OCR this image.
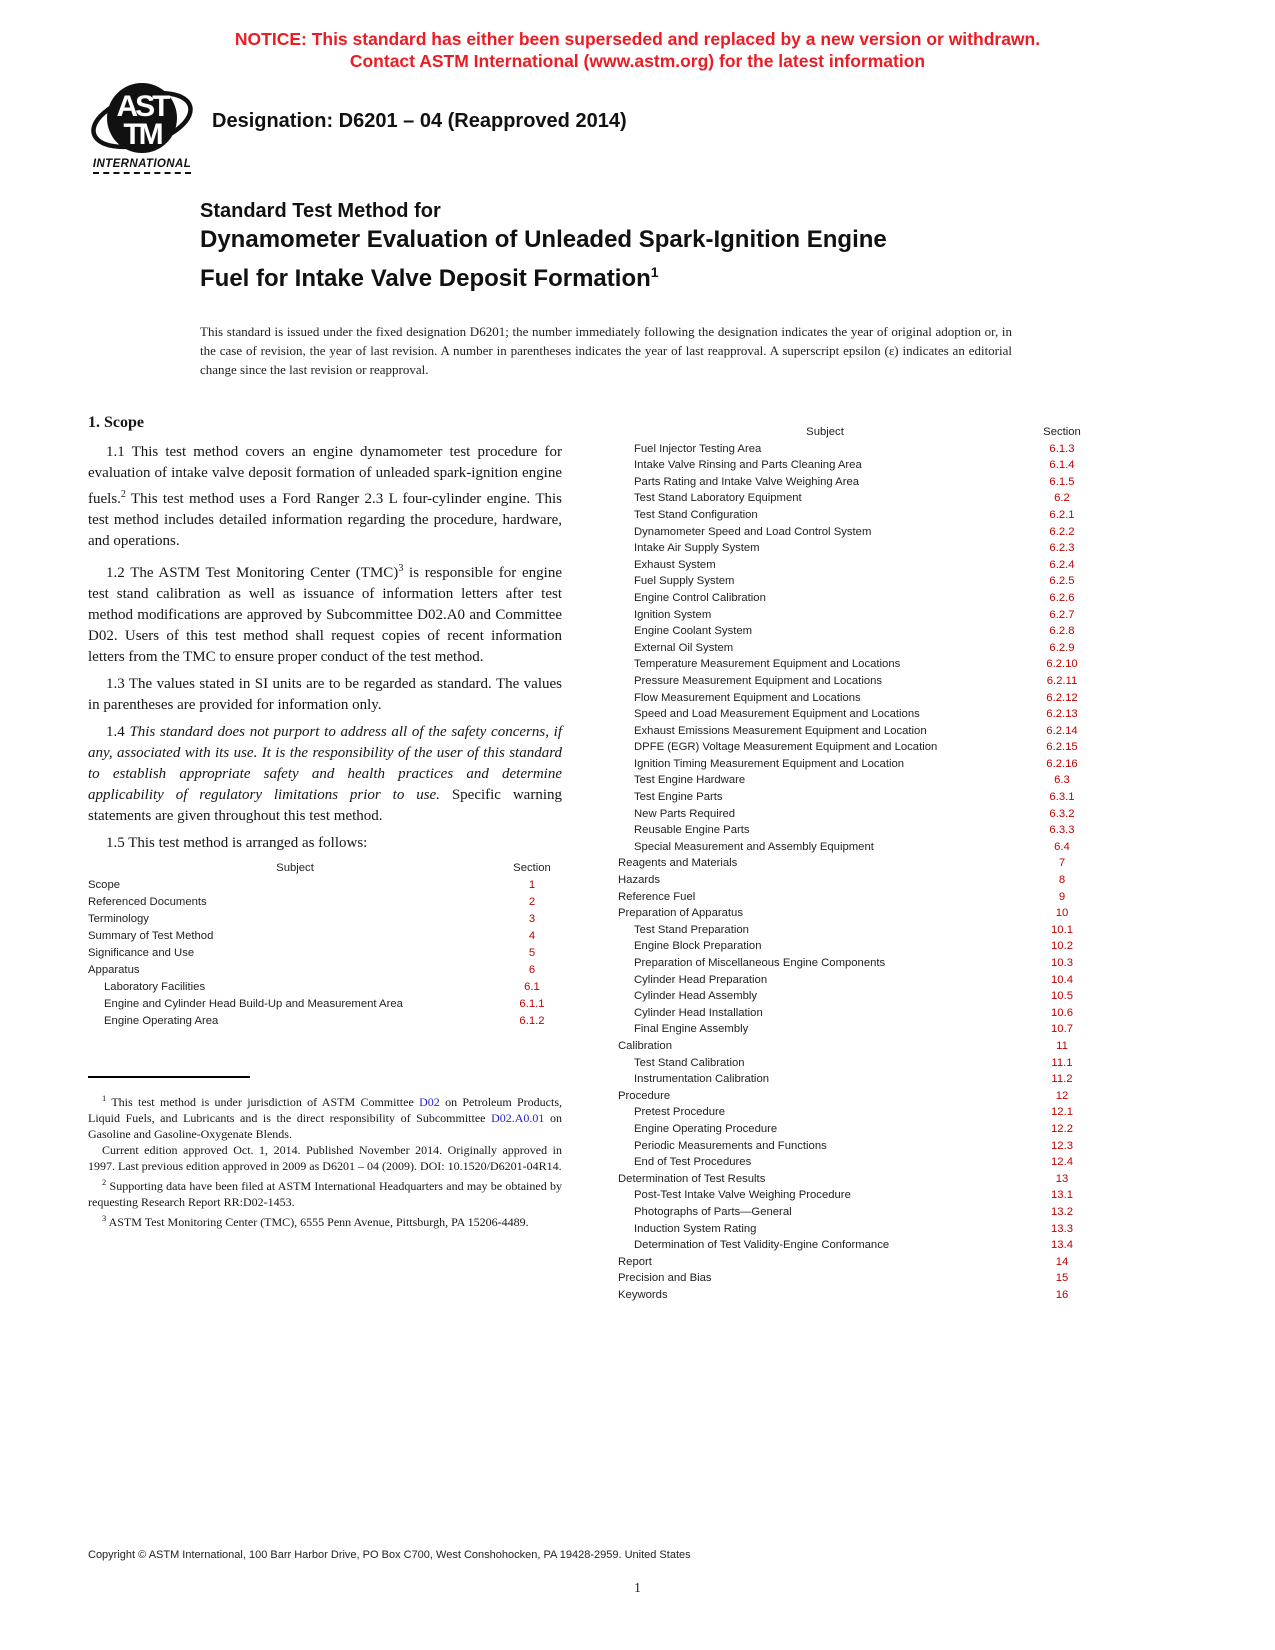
NOTICE: This standard has either been superseded and replaced by a new version or withdrawn.
Contact ASTM International (www.astm.org) for the latest information
AST
TM
INTERNATIONAL
Designation: D6201 – 04 (Reapproved 2014)
Standard Test Method for
Dynamometer Evaluation of Unleaded Spark-Ignition Engine
Fuel for Intake Valve Deposit Formation$^1$
This standard is issued under the fixed designation D6201; the number immediately following the designation indicates the year of original adoption or, in the case of revision, the year of last revision. A number in parentheses indicates the year of last reapproval. A superscript epsilon (ε) indicates an editorial change since the last revision or reapproval.
1. Scope

1.1 This test method covers an engine dynamometer test procedure for evaluation of intake valve deposit formation of unleaded spark-ignition engine fuels.$^2$ This test method uses a Ford Ranger 2.3 L four-cylinder engine. This test method includes detailed information regarding the procedure, hardware, and operations.

1.2 The ASTM Test Monitoring Center (TMC)$^3$ is responsible for engine test stand calibration as well as issuance of information letters after test method modifications are approved by Subcommittee D02.A0 and Committee D02. Users of this test method shall request copies of recent information letters from the TMC to ensure proper conduct of the test method.

1.3 The values stated in SI units are to be regarded as standard. The values in parentheses are provided for information only.

1.4 This standard does not purport to address all of the safety concerns, if any, associated with its use. It is the responsibility of the user of this standard to establish appropriate safety and health practices and determine applicability of regulatory limitations prior to use. Specific warning statements are given throughout this test method.

1.5 This test method is arranged as follows:

Subject	Section
Scope	1
Referenced Documents	2
Terminology	3
Summary of Test Method	4
Significance and Use	5
Apparatus	6
Laboratory Facilities	6.1
Engine and Cylinder Head Build-Up and Measurement Area	6.1.1
Engine Operating Area	6.1.2

$^1$ This test method is under jurisdiction of ASTM Committee D02 on Petroleum Products, Liquid Fuels, and Lubricants and is the direct responsibility of Subcommittee D02.A0.01 on Gasoline and Gasoline-Oxygenate Blends.

Current edition approved Oct. 1, 2014. Published November 2014. Originally approved in 1997. Last previous edition approved in 2009 as D6201 – 04 (2009). DOI: 10.1520/D6201-04R14.

$^2$ Supporting data have been filed at ASTM International Headquarters and may be obtained by requesting Research Report RR:D02-1453.

$^3$ ASTM Test Monitoring Center (TMC), 6555 Penn Avenue, Pittsburgh, PA 15206-4489.

Subject	Section
Fuel Injector Testing Area	6.1.3
Intake Valve Rinsing and Parts Cleaning Area	6.1.4
Parts Rating and Intake Valve Weighing Area	6.1.5
Test Stand Laboratory Equipment	6.2
Test Stand Configuration	6.2.1
Dynamometer Speed and Load Control System	6.2.2
Intake Air Supply System	6.2.3
Exhaust System	6.2.4
Fuel Supply System	6.2.5
Engine Control Calibration	6.2.6
Ignition System	6.2.7
Engine Coolant System	6.2.8
External Oil System	6.2.9
Temperature Measurement Equipment and Locations	6.2.10
Pressure Measurement Equipment and Locations	6.2.11
Flow Measurement Equipment and Locations	6.2.12
Speed and Load Measurement Equipment and Locations	6.2.13
Exhaust Emissions Measurement Equipment and Location	6.2.14
DPFE (EGR) Voltage Measurement Equipment and Location	6.2.15
Ignition Timing Measurement Equipment and Location	6.2.16
Test Engine Hardware	6.3
Test Engine Parts	6.3.1
New Parts Required	6.3.2
Reusable Engine Parts	6.3.3
Special Measurement and Assembly Equipment	6.4
Reagents and Materials	7
Hazards	8
Reference Fuel	9
Preparation of Apparatus	10
Test Stand Preparation	10.1
Engine Block Preparation	10.2
Preparation of Miscellaneous Engine Components	10.3
Cylinder Head Preparation	10.4
Cylinder Head Assembly	10.5
Cylinder Head Installation	10.6
Final Engine Assembly	10.7
Calibration	11
Test Stand Calibration	11.1
Instrumentation Calibration	11.2
Procedure	12
Pretest Procedure	12.1
Engine Operating Procedure	12.2
Periodic Measurements and Functions	12.3
End of Test Procedures	12.4
Determination of Test Results	13
Post-Test Intake Valve Weighing Procedure	13.1
Photographs of Parts—General	13.2
Induction System Rating	13.3
Determination of Test Validity-Engine Conformance	13.4
Report	14
Precision and Bias	15
Keywords	16
Copyright © ASTM International, 100 Barr Harbor Drive, PO Box C700, West Conshohocken, PA 19428-2959. United States
1
